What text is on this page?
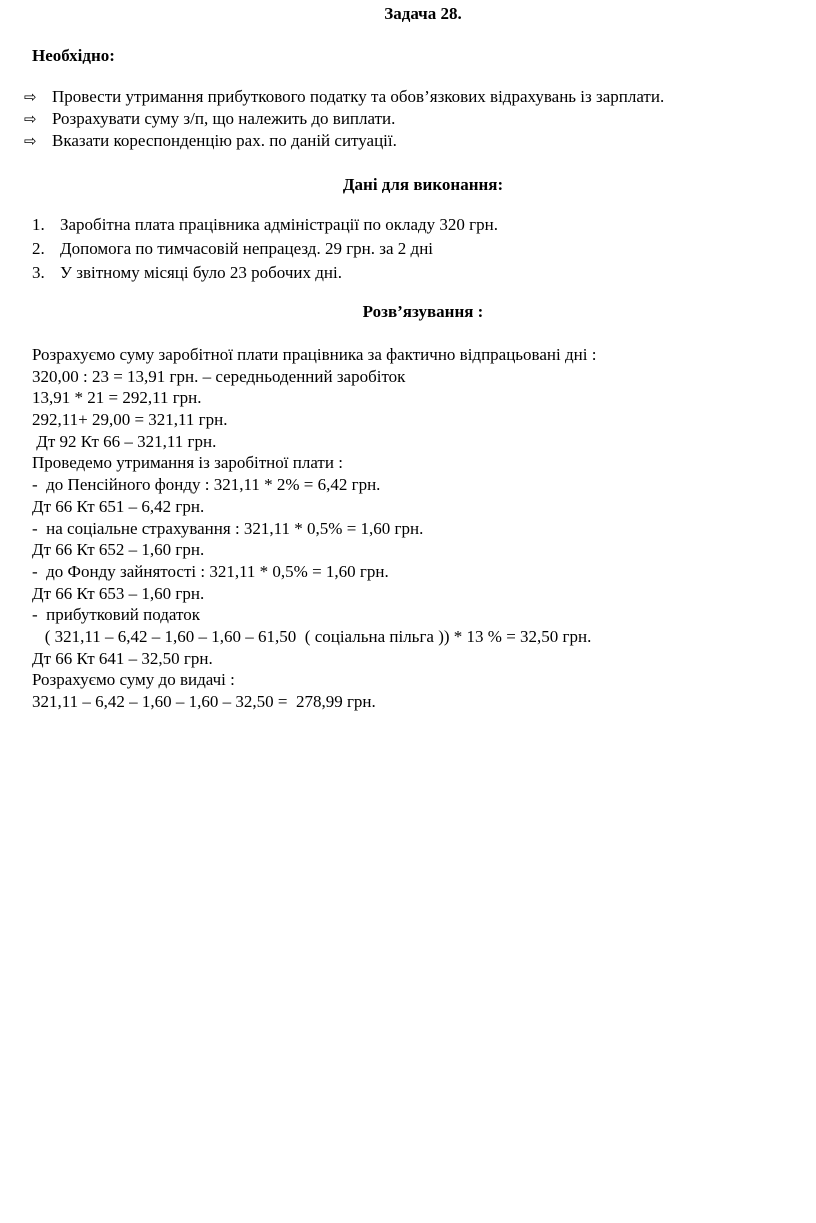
Задача 28.
Необхідно:
⇨ Провести утримання прибуткового податку та обов’язкових відрахувань із зарплати.
⇨ Розрахувати суму з/п, що належить до виплати.
⇨ Вказати кореспонденцію рах. по даній ситуації.
Дані для виконання:
1. Заробітна плата працівника адміністрації по окладу 320 грн.
2. Допомога по тимчасовій непрацезд. 29 грн. за 2 дні
3. У звітному місяці було 23 робочих дні.
Розв’язування :
Розрахуємо суму заробітної плати працівника за фактично відпрацьовані дні :
320,00 : 23 = 13,91 грн. – середньоденний заробіток
13,91 * 21 = 292,11 грн.
292,11+ 29,00 = 321,11 грн.
Дт 92 Кт 66 – 321,11 грн.
Проведемо утримання із заробітної плати :
-  до Пенсійного фонду : 321,11 * 2% = 6,42 грн.
Дт 66 Кт 651 – 6,42 грн.
-  на соціальне страхування : 321,11 * 0,5% = 1,60 грн.
Дт 66 Кт 652 – 1,60 грн.
-  до Фонду зайнятості : 321,11 * 0,5% = 1,60 грн.
Дт 66 Кт 653 – 1,60 грн.
-  прибутковий податок
( 321,11 – 6,42 – 1,60 – 1,60 – 61,50  ( соціальна пільга )) * 13 % = 32,50 грн.
Дт 66 Кт 641 – 32,50 грн.
Розрахуємо суму до видачі :
321,11 – 6,42 – 1,60 – 1,60 – 32,50 =  278,99 грн.
